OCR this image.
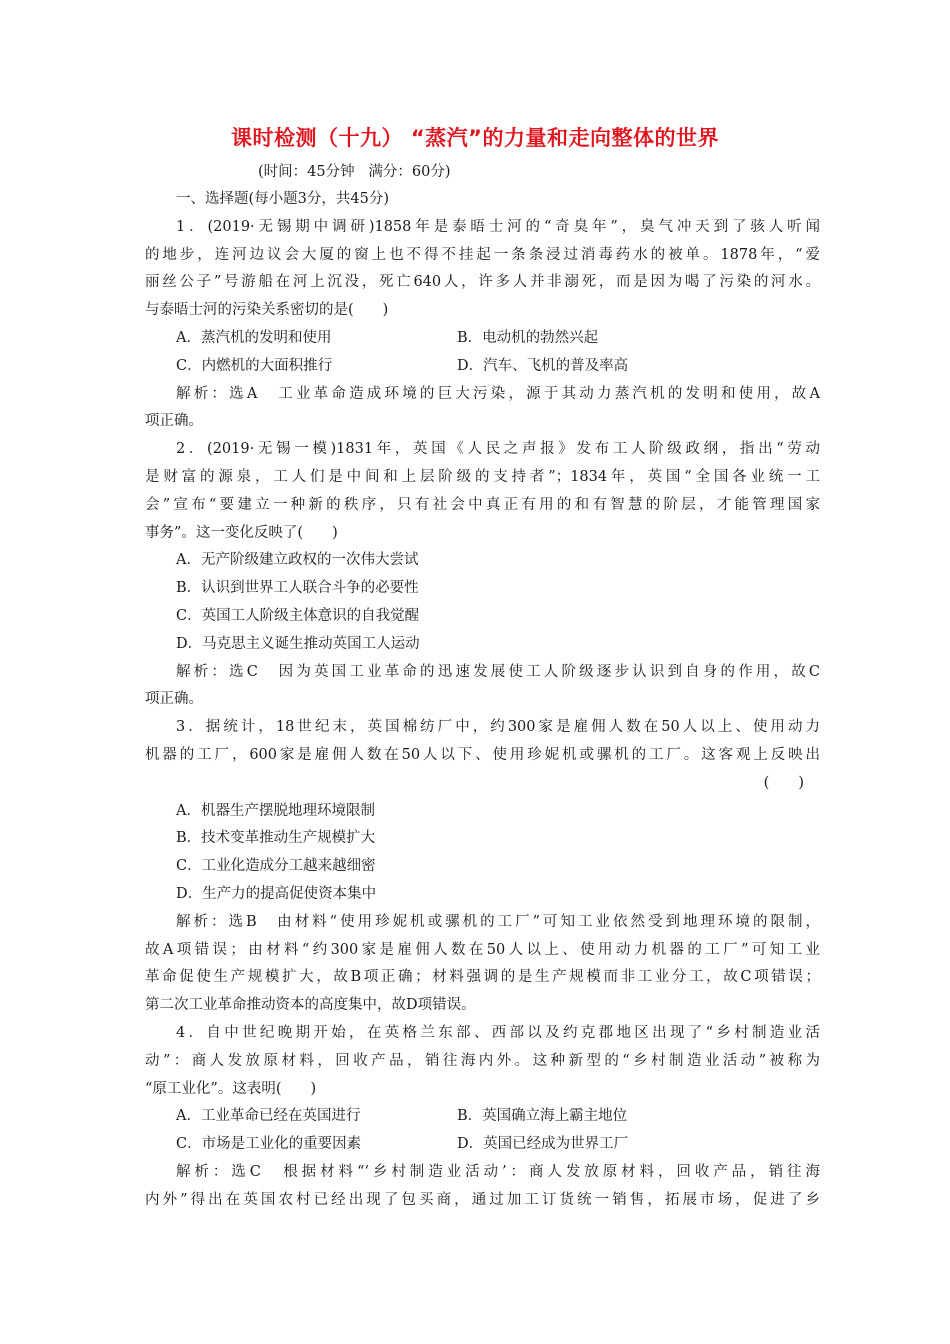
课时检测（十九） “蒸汽”的力量和走向整体的世界
(时间：45分钟   满分：60分)
一、选择题(每小题3分，共45分)
1．(2019·无锡期中调研)1858年是泰晤士河的“奇臭年”，臭气冲天到了骇人听闻
的地步，连河边议会大厦的窗上也不得不挂起一条条浸过消毒药水的被单。1878年，“爱
丽丝公子”号游船在河上沉没，死亡640人，许多人并非溺死，而是因为喝了污染的河水。
与泰晤士河的污染关系密切的是(　　)
A．蒸汽机的发明和使用	B．电动机的勃然兴起
C．内燃机的大面积推行	D．汽车、飞机的普及率高
解析：选A　工业革命造成环境的巨大污染，源于其动力蒸汽机的发明和使用，故A
项正确。
2．(2019·无锡一模)1831年，英国《人民之声报》发布工人阶级政纲，指出“劳动
是财富的源泉，工人们是中间和上层阶级的支持者”；1834年，英国“全国各业统一工
会”宣布“要建立一种新的秩序，只有社会中真正有用的和有智慧的阶层，才能管理国家
事务”。这一变化反映了(　　)
A．无产阶级建立政权的一次伟大尝试
B．认识到世界工人联合斗争的必要性
C．英国工人阶级主体意识的自我觉醒
D．马克思主义诞生推动英国工人运动
解析：选C　因为英国工业革命的迅速发展使工人阶级逐步认识到自身的作用，故C
项正确。
3．据统计，18世纪末，英国棉纺厂中，约300家是雇佣人数在50人以上、使用动力
机器的工厂，600家是雇佣人数在50人以下、使用珍妮机或骡机的工厂。这客观上反映出
(　　)
A．机器生产摆脱地理环境限制
B．技术变革推动生产规模扩大
C．工业化造成分工越来越细密
D．生产力的提高促使资本集中
解析：选B　由材料“使用珍妮机或骡机的工厂”可知工业依然受到地理环境的限制，
故A项错误；由材料“约300家是雇佣人数在50人以上、使用动力机器的工厂”可知工业
革命促使生产规模扩大，故B项正确；材料强调的是生产规模而非工业分工，故C项错误；
第二次工业革命推动资本的高度集中，故D项错误。
4．自中世纪晚期开始，在英格兰东部、西部以及约克郡地区出现了“乡村制造业活
动”：商人发放原材料，回收产品，销往海内外。这种新型的“乡村制造业活动”被称为
“原工业化”。这表明(　　)
A．工业革命已经在英国进行	B．英国确立海上霸主地位
C．市场是工业化的重要因素	D．英国已经成为世界工厂
解析：选C　根据材料“‘乡村制造业活动’：商人发放原材料，回收产品，销往海
内外”得出在英国农村已经出现了包买商，通过加工订货统一销售，拓展市场，促进了乡
